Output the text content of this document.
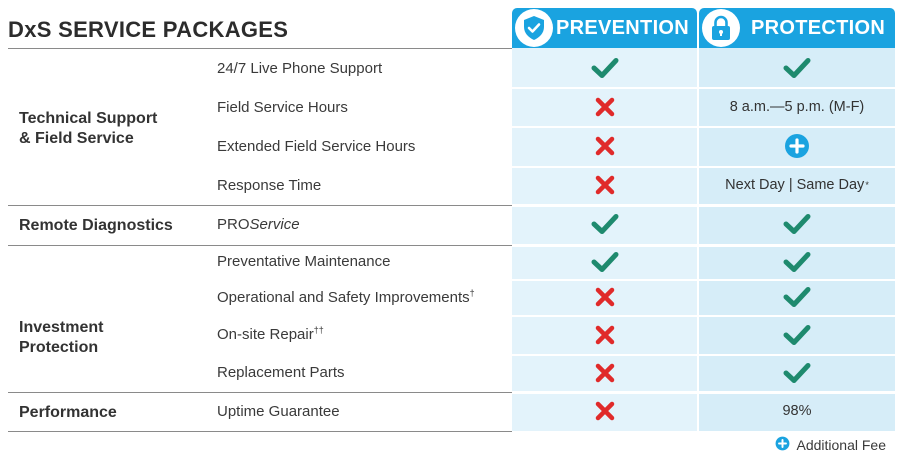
DxS SERVICE PACKAGES	PREVENTION	PROTECTION
Technical Support
& Field Service
Remote Diagnostics
Investment
Protection
Performance
24/7 Live Phone Support
Field Service Hours
Extended Field Service Hours
Response Time
PROService
Preventative Maintenance
Operational and Safety Improvements†
On-site Repair††
Replacement Parts
Uptime Guarantee
8 a.m.—5 p.m. (M-F)
Next Day | Same Day *
98%
Additional Fee
